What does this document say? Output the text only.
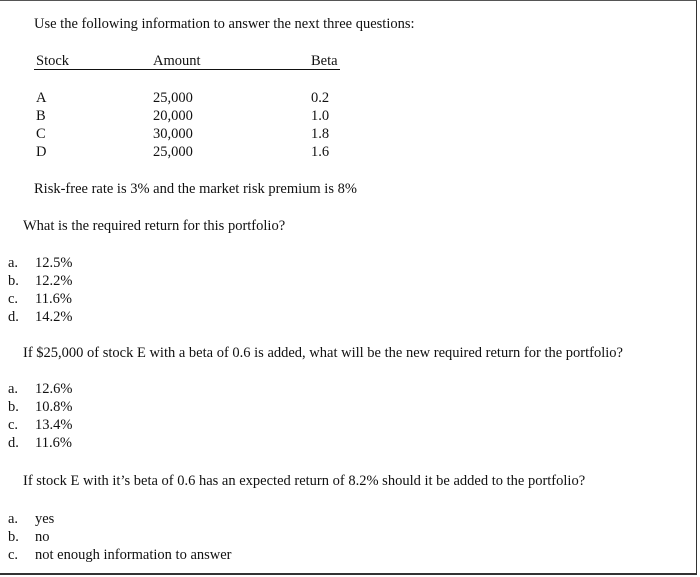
Use the following information to answer the next three questions:
Stock	Amount	Beta
A
B
C
D
25,000
20,000
30,000
25,000
0.2
1.0
1.8
1.6
Risk-free rate is 3% and the market risk premium is 8%
What is the required return for this portfolio?
a. 12.5%
b. 12.2%
c. 11.6%
d. 14.2%
If $25,000 of stock E with a beta of 0.6 is added, what will be the new required return for the portfolio?
a. 12.6%
b. 10.8%
c. 13.4%
d. 11.6%
If stock E with it’s beta of 0.6 has an expected return of 8.2% should it be added to the portfolio?
a. yes
b. no
c. not enough information to answer
